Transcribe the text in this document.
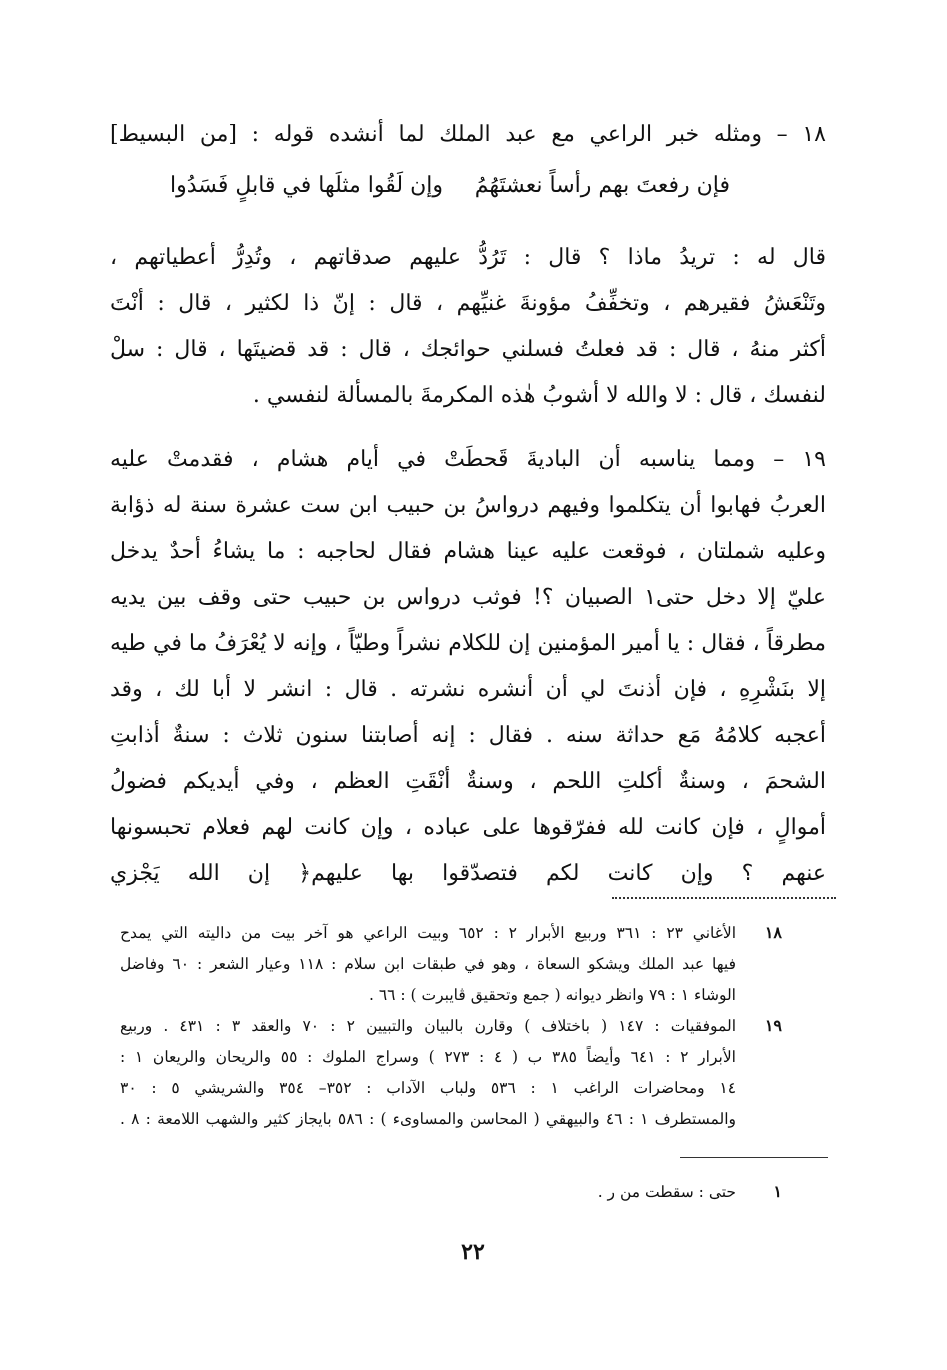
١٨ – ومثله خبر الراعي مع عبد الملك لما أنشده قوله : [من البسيط]
فإن رفعتَ بهم رأساً نعشتَهُمُ
وإن لَقُوا مثلَها في قابلٍ فَسَدُوا
قال له : تريدُ ماذا ؟ قال : تَرُدُّ عليهم صدقاتهم ، وتُدِرُّ أعطياتهم ،
وتَنْعَشُ فقيرهم ، وتخفِّفُ مؤونةَ غنيِّهم ، قال : إنّ ذا لكثير ، قال : أنْتَ
أكثر منهُ ، قال : قد فعلتُ فسلني حوائجك ، قال : قد قضيتَها ، قال : سلْ
لنفسك ، قال : لا والله لا أشوبُ هٰذه المكرمةَ بالمسألة لنفسي .
١٩ – ومما يناسبه أن الباديةَ قَحطَتْ في أيام هشام ، فقدمتْ عليه
العربُ فهابوا أن يتكلموا وفيهم درواسُ بن حبيب ابن ست عشرة سنة له ذؤابة
وعليه شملتان ، فوقعت عليه عينا هشام فقال لحاجبه : ما يشاءُ أحدٌ يدخل
عليّ إلا دخل حتى١ الصبيان ؟! فوثب درواس بن حبيب حتى وقف بين يديه
مطرقاً ، فقال : يا أمير المؤمنين إن للكلام نشراً وطيّاً ، وإنه لا يُعْرَفُ ما في طيه
إلا بنَشْرِهِ ، فإن أذنتَ لي أن أنشره نشرته . قال : انشر لا أبا لك ، وقد
أعجبه كلامُهُ مَع حداثة سنه . فقال : إنه أصابتنا سنون ثلاث : سنةٌ أذابتِ
الشحمَ ، وسنةٌ أكلتِ اللحم ، وسنةٌ أنْقَتِ العظم ، وفي أيديكم فضولُ
أموالٍ ، فإن كانت لله ففرّقوها على عباده ، وإن كانت لهم فعلام تحبسونها
عنهم ؟ وإن كانت لكم فتصدّقوا بها عليهم﴿ إن الله يَجْزي
١٨
الأغاني ٢٣ : ٣٦١ وربيع الأبرار ٢ : ٦٥٢ وبيت الراعي هو آخر بيت من داليته التي يمدح
فيها عبد الملك ويشكو السعاة ، وهو في طبقات ابن سلام : ١١٨ وعيار الشعر : ٦٠ وفاضل
الوشاء ١ : ٧٩ وانظر ديوانه ( جمع وتحقيق ڤايبرت ) : ٦٦ .
١٩
الموفقيات : ١٤٧ ( باختلاف ) وقارن بالبيان والتبيين ٢ : ٧٠ والعقد ٣ : ٤٣١ . وربيع
الأبرار ٢ : ٦٤١ وأيضاً ٣٨٥ ب ( ٤ : ٢٧٣ ) وسراج الملوك : ٥٥ والريحان والريعان ١ :
١٤ ومحاضرات الراغب ١ : ٥٣٦ ولباب الآداب : ٣٥٢– ٣٥٤ والشريشي ٥ : ٣٠
والمستطرف ١ : ٤٦ والبيهقي ( المحاسن والمساوىء ) : ٥٨٦ بايجاز كثير والشهب اللامعة : ٨ .
١
حتى : سقطت من ر .
٢٢
